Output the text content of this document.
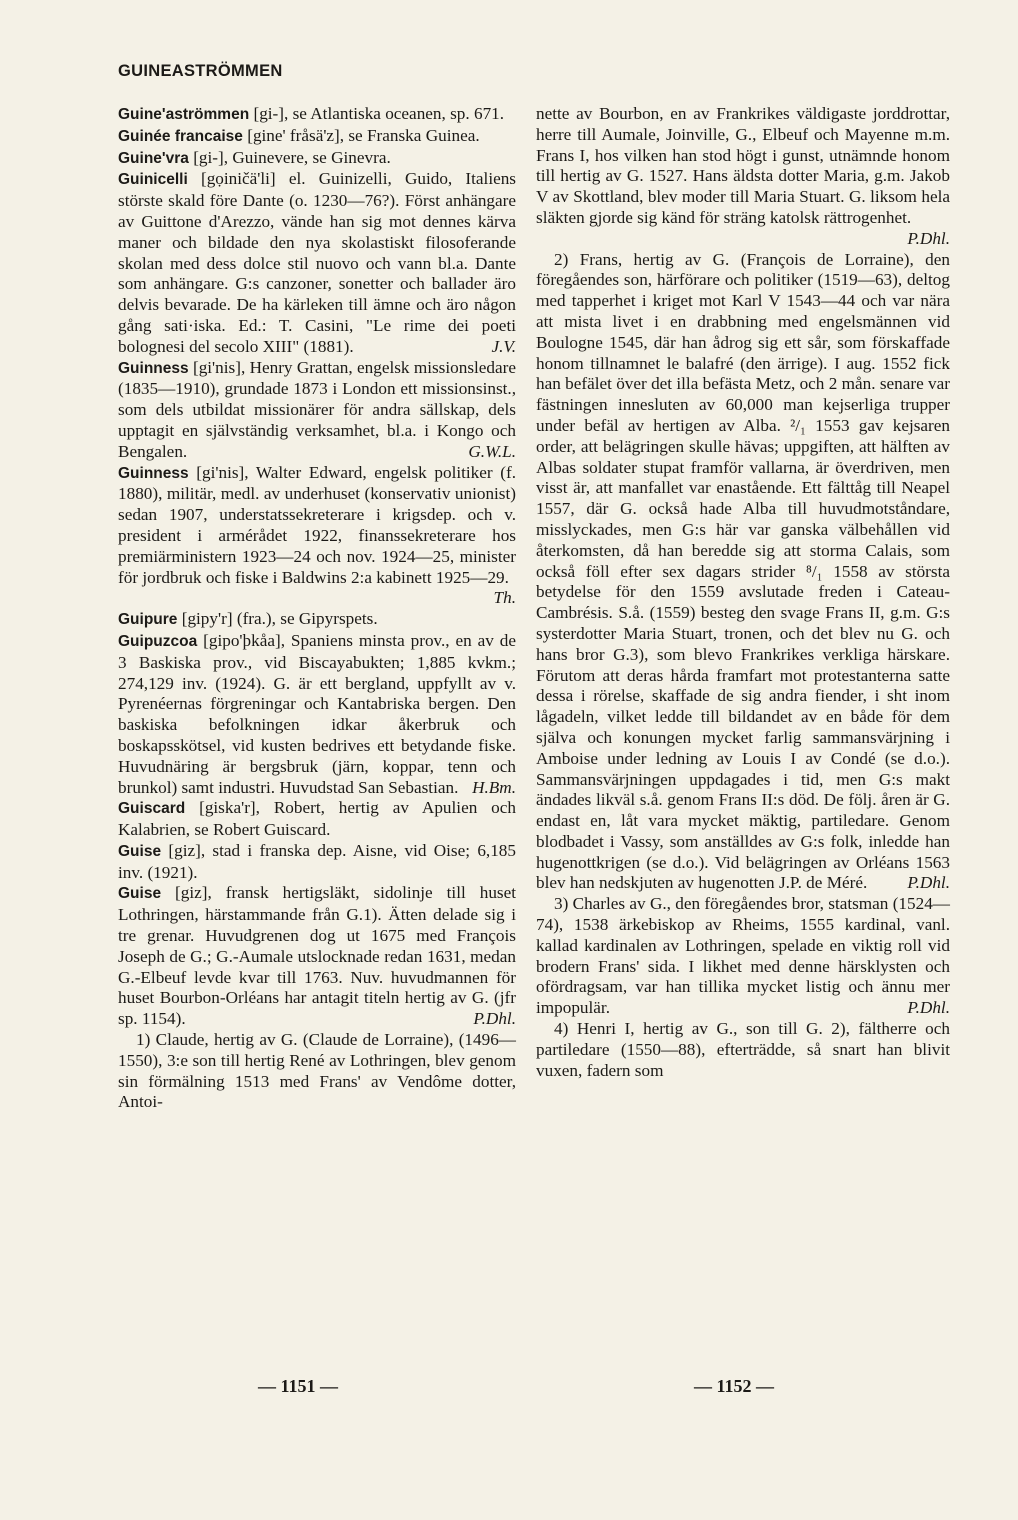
GUINEASTRÖMMEN

Guine'aströmmen [gi-], se Atlantiska oceanen, sp. 671.

Guinée francaise [gine' fråsä'z], se Franska Guinea.

Guine'vra [gi-], Guinevere, se Ginevra.

Guinicelli [gọiničä'li] el. Guinizelli, Guido, Italiens störste skald före Dante (o. 1230—76?). Först anhängare av Guittone d'Arezzo, vände han sig mot dennes kärva maner och bildade den nya skolastiskt filosoferande skolan med dess dolce stil nuovo och vann bl.a. Dante som anhängare. G:s canzoner, sonetter och ballader äro delvis bevarade. De ha kärleken till ämne och äro någon gång sati·iska. Ed.: T. Casini, "Le rime dei poeti bolognesi del secolo XIII" (1881).	J.V.

Guinness [gi'nis], Henry Grattan, engelsk missionsledare (1835—1910), grundade 1873 i London ett missionsinst., som dels utbildat missionärer för andra sällskap, dels upptagit en självständig verksamhet, bl.a. i Kongo och Bengalen.	G.W.L.

Guinness [gi'nis], Walter Edward, engelsk politiker (f. 1880), militär, medl. av underhuset (konservativ unionist) sedan 1907, understatssekreterare i krigsdep. och v. president i armérådet 1922, finanssekreterare hos premiärministern 1923—24 och nov. 1924—25, minister för jordbruk och fiske i Baldwins 2:a kabinett 1925—29.
Th.

Guipure [gipy'r] (fra.), se Gipyrspets.

Guipuzcoa [gipo'þkåa], Spaniens minsta prov., en av de 3 Baskiska prov., vid Biscayabukten; 1,885 kvkm.; 274,129 inv. (1924). G. är ett bergland, uppfyllt av v. Pyrenéernas förgreningar och Kantabriska bergen. Den baskiska befolkningen idkar åkerbruk och boskapsskötsel, vid kusten bedrives ett betydande fiske. Huvudnäring är bergsbruk (järn, koppar, tenn och brunkol) samt industri. Huvudstad San Sebastian. H.Bm.

Guiscard [giska'r], Robert, hertig av Apulien och Kalabrien, se Robert Guiscard.

Guise [giz], stad i franska dep. Aisne, vid Oise; 6,185 inv. (1921).

Guise [giz], fransk hertigsläkt, sidolinje till huset Lothringen, härstammande från G.1). Ätten delade sig i tre grenar. Huvudgrenen dog ut 1675 med François Joseph de G.; G.-Aumale utslocknade redan 1631, medan G.-Elbeuf levde kvar till 1763. Nuv. huvudmannen för huset Bourbon-Orléans har antagit titeln hertig av G. (jfr sp. 1154).	P.Dhl.

1) Claude, hertig av G. (Claude de Lorraine), (1496—1550), 3:e son till hertig René av Lothringen, blev genom sin förmälning 1513 med Frans' av Vendôme dotter, Antoi-

nette av Bourbon, en av Frankrikes väldigaste jorddrottar, herre till Aumale, Joinville, G., Elbeuf och Mayenne m.m. Frans I, hos vilken han stod högt i gunst, utnämnde honom till hertig av G. 1527. Hans äldsta dotter Maria, g.m. Jakob V av Skottland, blev moder till Maria Stuart. G. liksom hela släkten gjorde sig känd för sträng katolsk rättrogenhet.
P.Dhl.

2) Frans, hertig av G. (François de Lorraine), den föregåendes son, härförare och politiker (1519—63), deltog med tapperhet i kriget mot Karl V 1543—44 och var nära att mista livet i en drabbning med engelsmännen vid Boulogne 1545, där han ådrog sig ett sår, som förskaffade honom tillnamnet le balafré (den ärrige). I aug. 1552 fick han befälet över det illa befästa Metz, och 2 mån. senare var fästningen innesluten av 60,000 man kejserliga trupper under befäl av hertigen av Alba. ²/₁ 1553 gav kejsaren order, att belägringen skulle hävas; uppgiften, att hälften av Albas soldater stupat framför vallarna, är överdriven, men visst är, att manfallet var enastående. Ett fälttåg till Neapel 1557, där G. också hade Alba till huvudmotståndare, misslyckades, men G:s här var ganska välbehållen vid återkomsten, då han beredde sig att storma Calais, som också föll efter sex dagars strider ⁸/₁ 1558 av största betydelse för den 1559 avslutade freden i Cateau-Cambrésis. S.å. (1559) besteg den svage Frans II, g.m. G:s systerdotter Maria Stuart, tronen, och det blev nu G. och hans bror G.3), som blevo Frankrikes verkliga härskare. Förutom att deras hårda framfart mot protestanterna satte dessa i rörelse, skaffade de sig andra fiender, i sht inom lågadeln, vilket ledde till bildandet av en både för dem själva och konungen mycket farlig sammansvärjning i Amboise under ledning av Louis I av Condé (se d.o.). Sammansvärjningen uppdagades i tid, men G:s makt ändades likväl s.å. genom Frans II:s död. De följ. åren är G. endast en, låt vara mycket mäktig, partiledare. Genom blodbadet i Vassy, som anställdes av G:s folk, inledde han hugenottkrigen (se d.o.). Vid belägringen av Orléans 1563 blev han nedskjuten av hugenotten J.P. de Méré.	P.Dhl.

3) Charles av G., den föregåendes bror, statsman (1524—74), 1538 ärkebiskop av Rheims, 1555 kardinal, vanl. kallad kardinalen av Lothringen, spelade en viktig roll vid brodern Frans' sida. I likhet med denne härsklysten och ofördragsam, var han tillika mycket listig och ännu mer impopulär.	P.Dhl.

4) Henri I, hertig av G., son till G. 2), fältherre och partiledare (1550—88), efterträdde, så snart han blivit vuxen, fadern som

— 1151 —	— 1152 —
